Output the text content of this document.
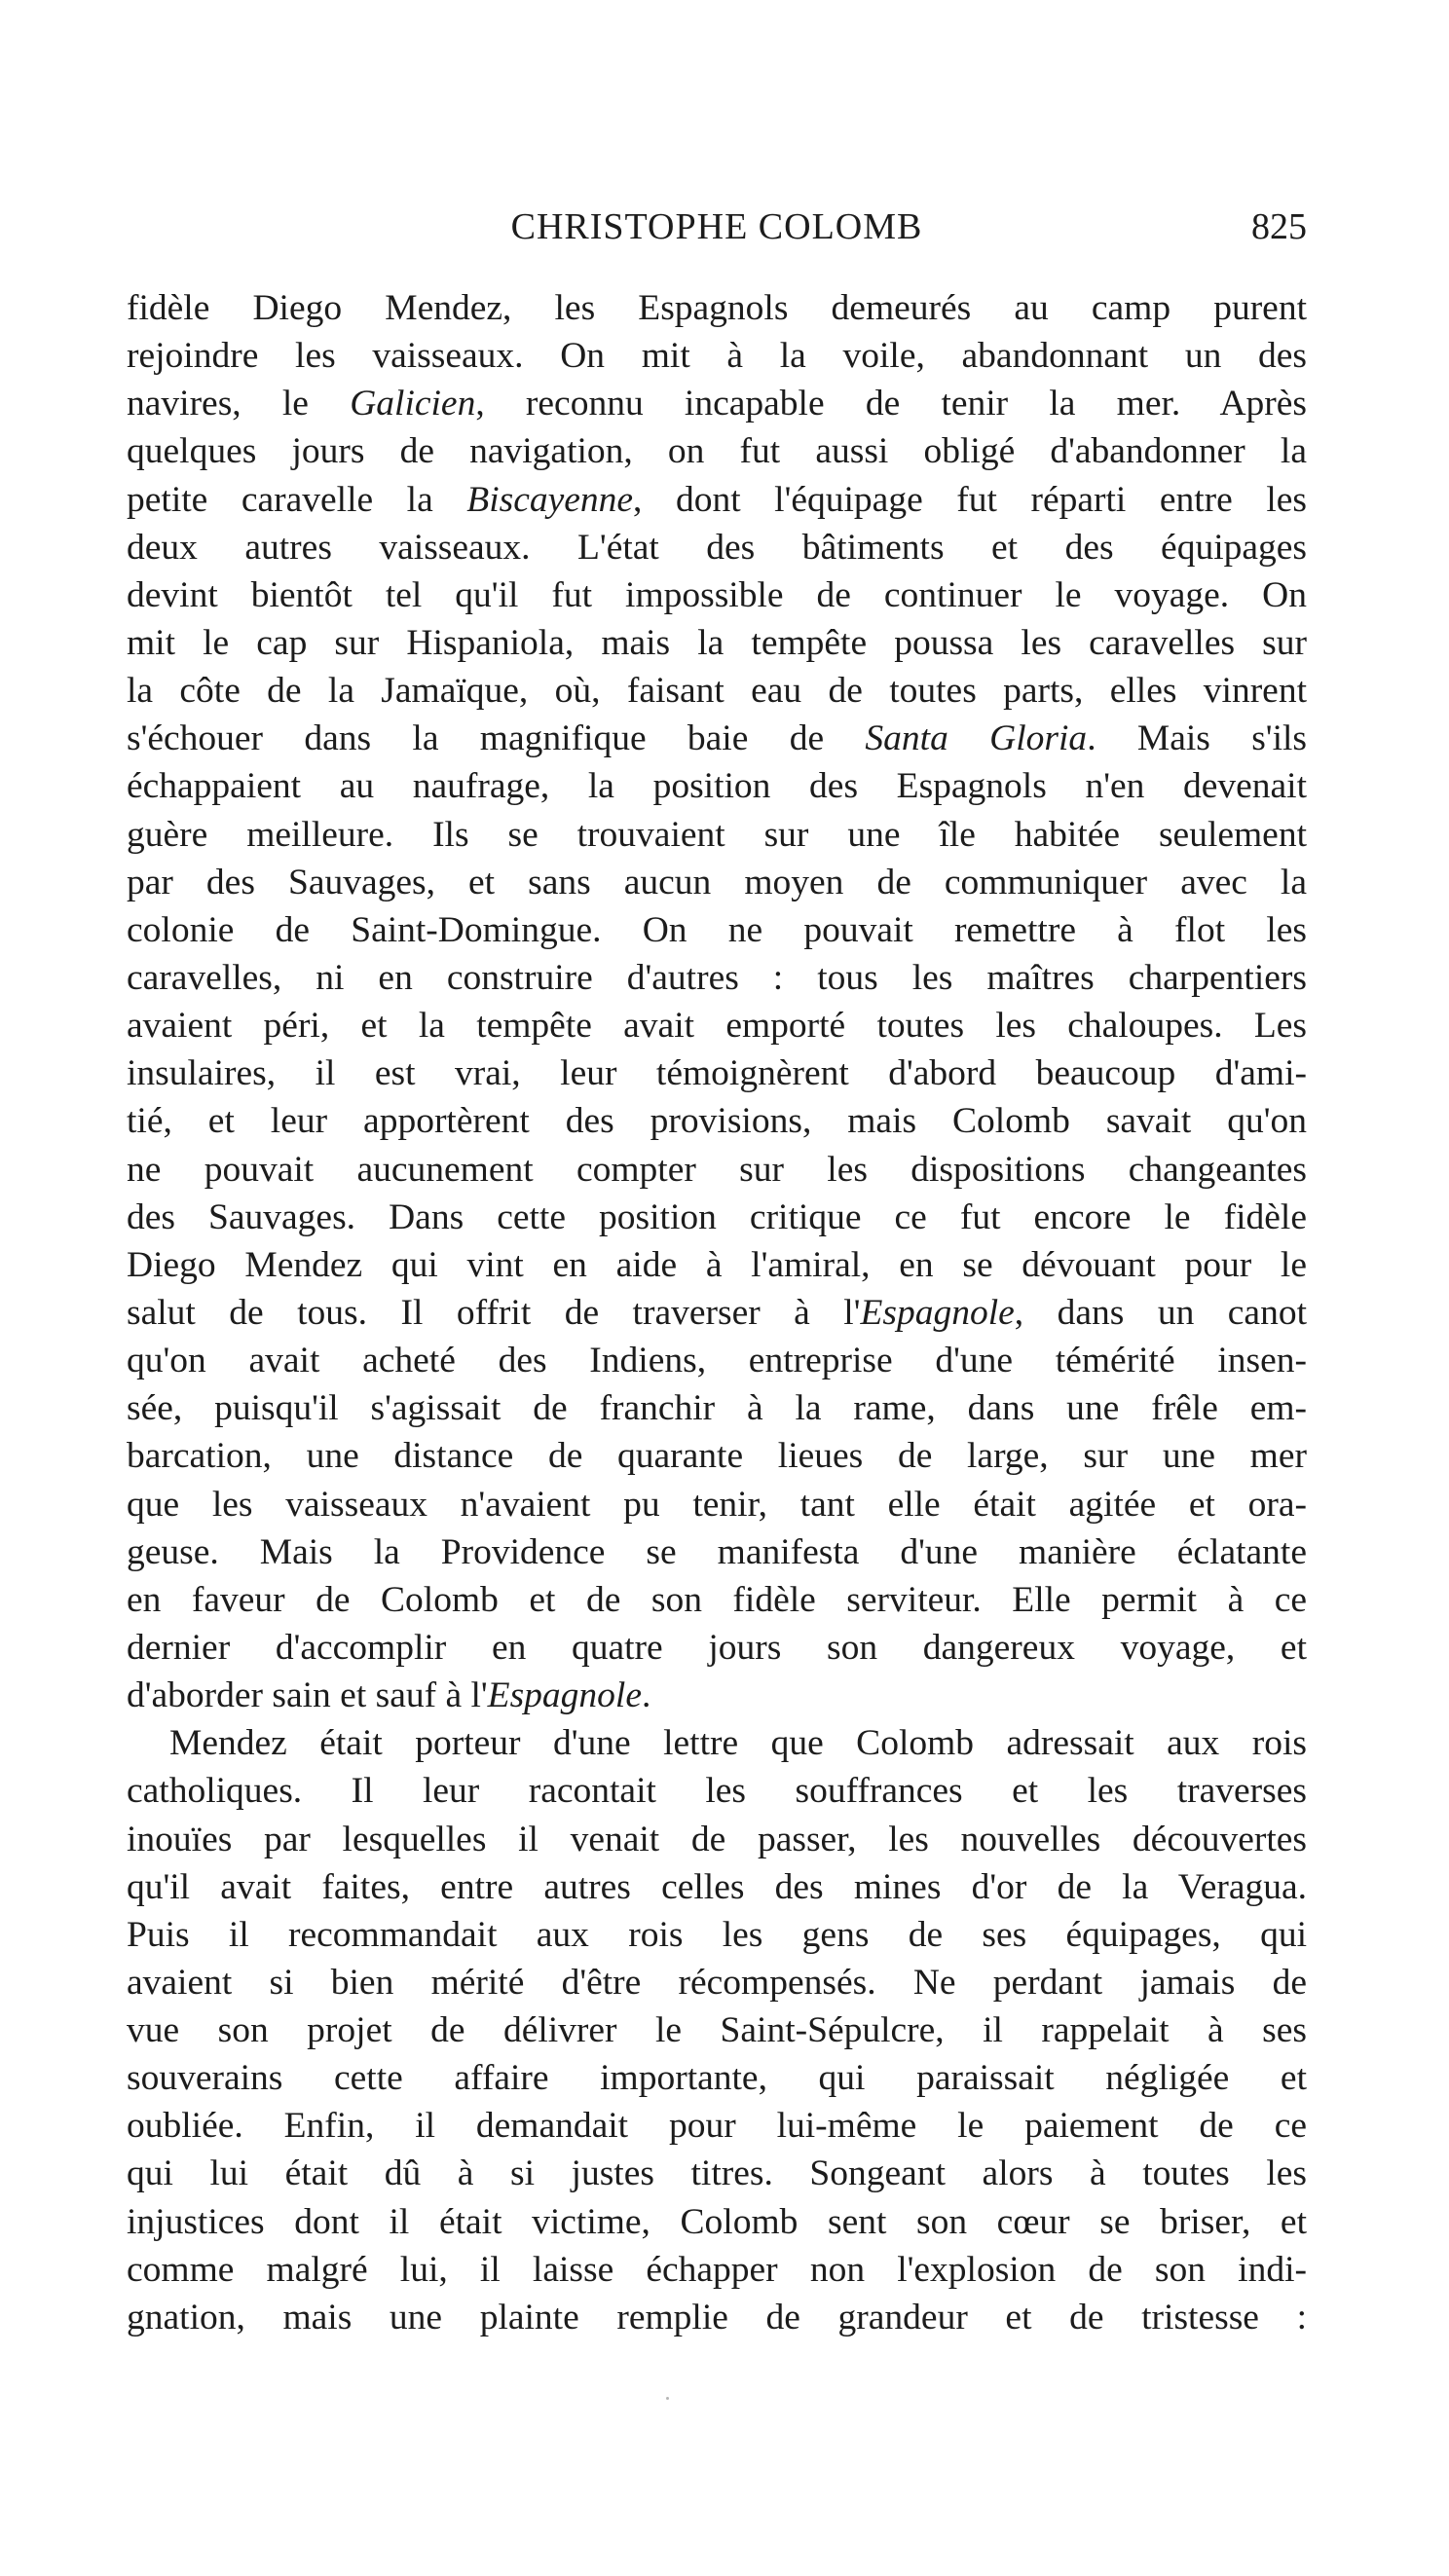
CHRISTOPHE COLOMB	825
fidèle Diego Mendez, les Espagnols demeurés au camp purent
rejoindre les vaisseaux. On mit à la voile, abandonnant un des
navires, le Galicien, reconnu incapable de tenir la mer. Après
quelques jours de navigation, on fut aussi obligé d'abandonner la
petite caravelle la Biscayenne, dont l'équipage fut réparti entre les
deux autres vaisseaux. L'état des bâtiments et des équipages
devint bientôt tel qu'il fut impossible de continuer le voyage. On
mit le cap sur Hispaniola, mais la tempête poussa les caravelles sur
la côte de la Jamaïque, où, faisant eau de toutes parts, elles vinrent
s'échouer dans la magnifique baie de Santa Gloria. Mais s'ils
échappaient au naufrage, la position des Espagnols n'en devenait
guère meilleure. Ils se trouvaient sur une île habitée seulement
par des Sauvages, et sans aucun moyen de communiquer avec la
colonie de Saint-Domingue. On ne pouvait remettre à flot les
caravelles, ni en construire d'autres : tous les maîtres charpentiers
avaient péri, et la tempête avait emporté toutes les chaloupes. Les
insulaires, il est vrai, leur témoignèrent d'abord beaucoup d'ami-
tié, et leur apportèrent des provisions, mais Colomb savait qu'on
ne pouvait aucunement compter sur les dispositions changeantes
des Sauvages. Dans cette position critique ce fut encore le fidèle
Diego Mendez qui vint en aide à l'amiral, en se dévouant pour le
salut de tous. Il offrit de traverser à l'Espagnole, dans un canot
qu'on avait acheté des Indiens, entreprise d'une témérité insen-
sée, puisqu'il s'agissait de franchir à la rame, dans une frêle em-
barcation, une distance de quarante lieues de large, sur une mer
que les vaisseaux n'avaient pu tenir, tant elle était agitée et ora-
geuse. Mais la Providence se manifesta d'une manière éclatante
en faveur de Colomb et de son fidèle serviteur. Elle permit à ce
dernier d'accomplir en quatre jours son dangereux voyage, et
d'aborder sain et sauf à l'Espagnole.
Mendez était porteur d'une lettre que Colomb adressait aux rois
catholiques. Il leur racontait les souffrances et les traverses
inouïes par lesquelles il venait de passer, les nouvelles découvertes
qu'il avait faites, entre autres celles des mines d'or de la Veragua.
Puis il recommandait aux rois les gens de ses équipages, qui
avaient si bien mérité d'être récompensés. Ne perdant jamais de
vue son projet de délivrer le Saint-Sépulcre, il rappelait à ses
souverains cette affaire importante, qui paraissait négligée et
oubliée. Enfin, il demandait pour lui-même le paiement de ce
qui lui était dû à si justes titres. Songeant alors à toutes les
injustices dont il était victime, Colomb sent son cœur se briser, et
comme malgré lui, il laisse échapper non l'explosion de son indi-
gnation, mais une plainte remplie de grandeur et de tristesse :
